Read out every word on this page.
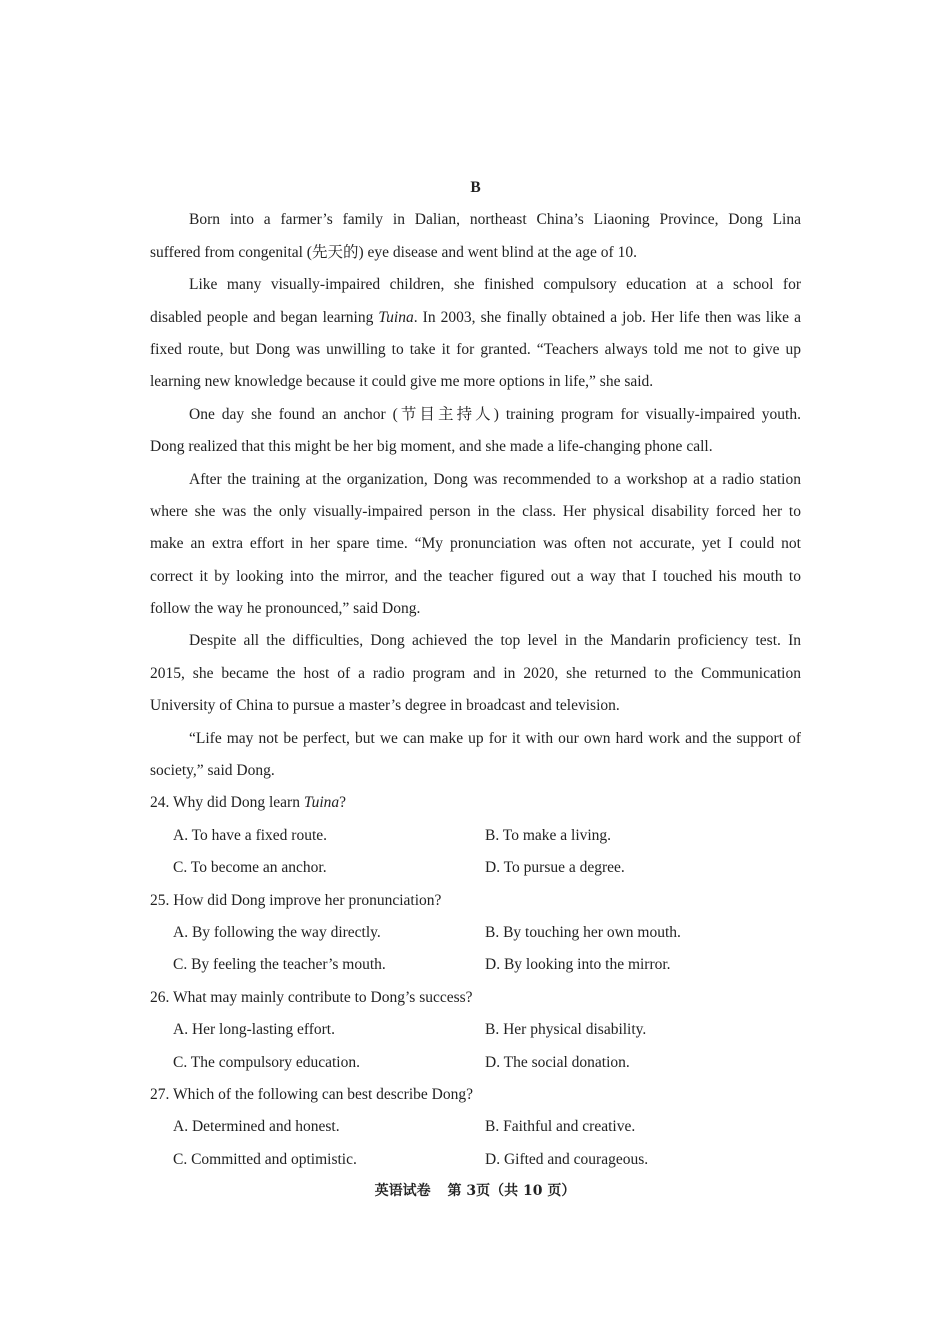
B
Born into a farmer’s family in Dalian, northeast China’s Liaoning Province, Dong Lina
suffered from congenital (先天的) eye disease and went blind at the age of 10.
Like many visually-impaired children, she finished compulsory education at a school for
disabled people and began learning Tuina. In 2003, she finally obtained a job. Her life then was like a
fixed route, but Dong was unwilling to take it for granted. “Teachers always told me not to give up
learning new knowledge because it could give me more options in life,” she said.
One day she found an anchor (节目主持人) training program for visually-impaired youth.
Dong realized that this might be her big moment, and she made a life-changing phone call.
After the training at the organization, Dong was recommended to a workshop at a radio station
where she was the only visually-impaired person in the class. Her physical disability forced her to
make an extra effort in her spare time. “My pronunciation was often not accurate, yet I could not
correct it by looking into the mirror, and the teacher figured out a way that I touched his mouth to
follow the way he pronounced,” said Dong.
Despite all the difficulties, Dong achieved the top level in the Mandarin proficiency test. In
2015, she became the host of a radio program and in 2020, she returned to the Communication
University of China to pursue a master’s degree in broadcast and television.
“Life may not be perfect, but we can make up for it with our own hard work and the support of
society,” said Dong.
24. Why did Dong learn Tuina?
A. To have a fixed route.	B. To make a living.
C. To become an anchor.	D. To pursue a degree.
25. How did Dong improve her pronunciation?
A. By following the way directly.	B. By touching her own mouth.
C. By feeling the teacher’s mouth.	D. By looking into the mirror.
26. What may mainly contribute to Dong’s success?
A. Her long-lasting effort.	B. Her physical disability.
C. The compulsory education.	D. The social donation.
27. Which of the following can best describe Dong?
A. Determined and honest.	B. Faithful and creative.
C. Committed and optimistic.	D. Gifted and courageous.
英语试卷 第 3页（共 10 页）
